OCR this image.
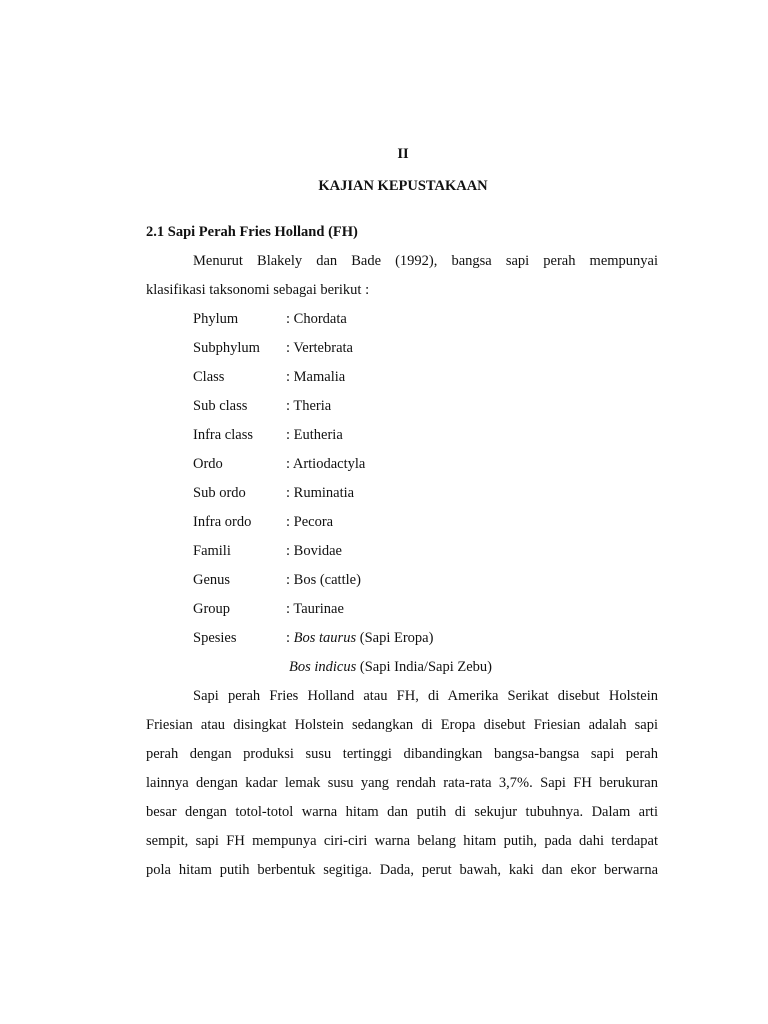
II
KAJIAN KEPUSTAKAAN
2.1 Sapi Perah Fries Holland (FH)
Menurut Blakely dan Bade (1992), bangsa sapi perah mempunyai
klasifikasi taksonomi sebagai berikut :
Phylum	: Chordata
Subphylum : Vertebrata
Class	: Mamalia
Sub class	: Theria
Infra class : Eutheria
Ordo	: Artiodactyla
Sub ordo	: Ruminatia
Infra ordo : Pecora
Famili	: Bovidae
Genus	: Bos (cattle)
Group	: Taurinae
Spesies	: Bos taurus (Sapi Eropa)
Bos indicus (Sapi India/Sapi Zebu)
Sapi perah Fries Holland atau FH, di Amerika Serikat disebut Holstein
Friesian atau disingkat Holstein sedangkan di Eropa disebut Friesian adalah sapi
perah dengan produksi susu tertinggi dibandingkan bangsa-bangsa sapi perah
lainnya dengan kadar lemak susu yang rendah rata-rata 3,7%. Sapi FH berukuran
besar dengan totol-totol warna hitam dan putih di sekujur tubuhnya. Dalam arti
sempit, sapi FH mempunya ciri-ciri warna belang hitam putih, pada dahi terdapat
pola hitam putih berbentuk segitiga. Dada, perut bawah, kaki dan ekor berwarna
